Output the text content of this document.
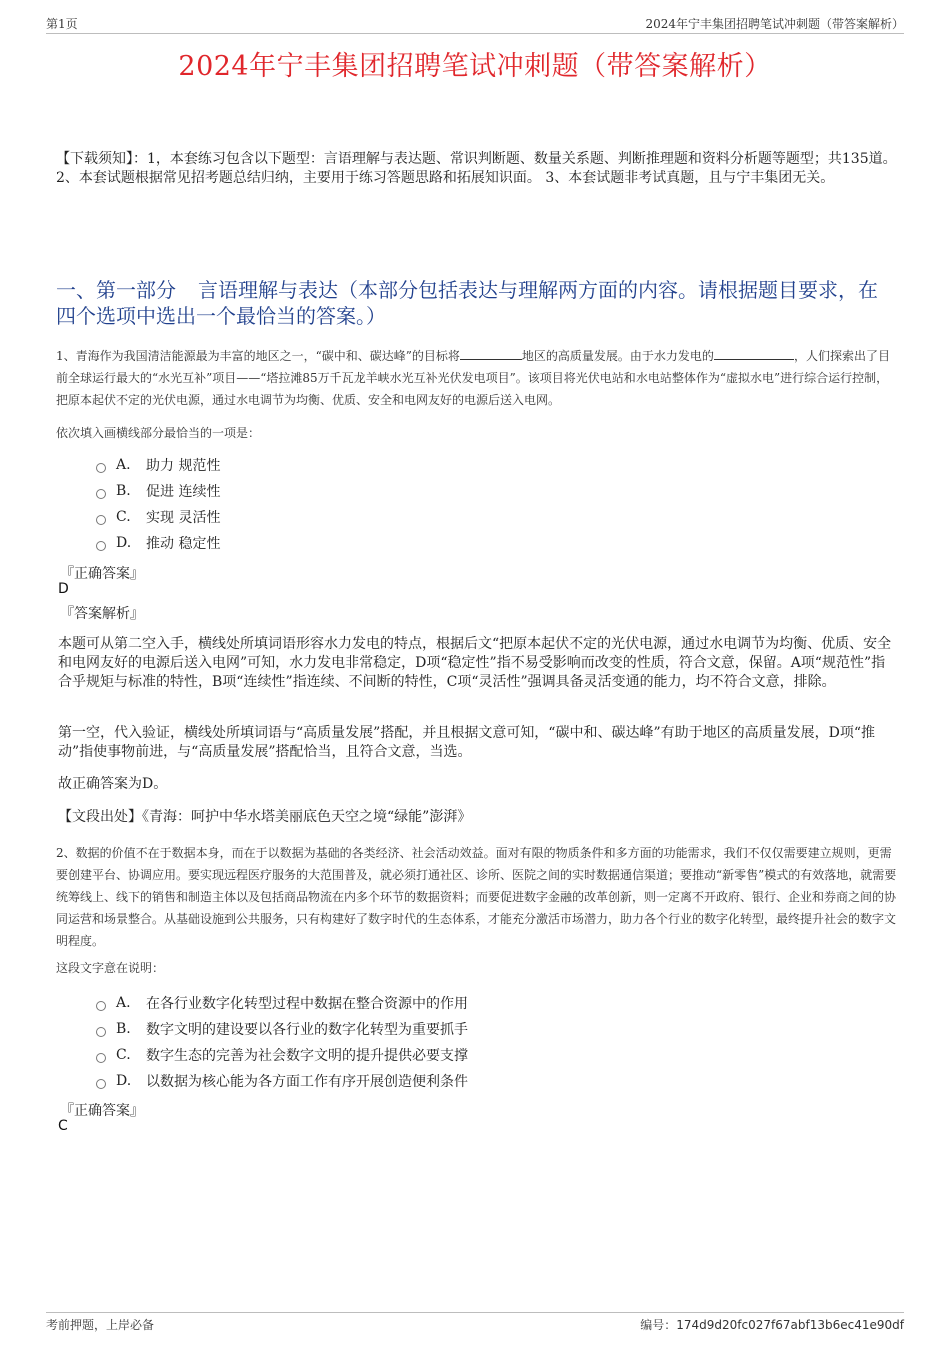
第1页	2024年宁丰集团招聘笔试冲刺题（带答案解析）
2024年宁丰集团招聘笔试冲刺题（带答案解析）
【下载须知】：1，本套练习包含以下题型：言语理解与表达题、常识判断题、数量关系题、判断推理题和资料分析题等题型；共135道。 2、本套试题根据常见招考题总结归纳，主要用于练习答题思路和拓展知识面。 3、本套试题非考试真题，且与宁丰集团无关。
一、第一部分 言语理解与表达（本部分包括表达与理解两方面的内容。请根据题目要求，在四个选项中选出一个最恰当的答案。）
1、青海作为我国清洁能源最为丰富的地区之一，“碳中和、碳达峰”的目标将	地区的高质量发展。由于水力发电的	，人们探索出了目前全球运行最大的“水光互补”项目——“塔拉滩85万千瓦龙羊峡水光互补光伏发电项目”。该项目将光伏电站和水电站整体作为“虚拟水电”进行综合运行控制，把原本起伏不定的光伏电源，通过水电调节为均衡、优质、安全和电网友好的电源后送入电网。
依次填入画横线部分最恰当的一项是：
A.	助力 规范性
B.	促进 连续性
C.	实现 灵活性
D.	推动 稳定性
『正确答案』
D
『答案解析』
本题可从第二空入手，横线处所填词语形容水力发电的特点，根据后文“把原本起伏不定的光伏电源，通过水电调节为均衡、优质、安全和电网友好的电源后送入电网”可知，水力发电非常稳定，D项“稳定性”指不易受影响而改变的性质，符合文意，保留。A项“规范性”指合乎规矩与标准的特性，B项“连续性”指连续、不间断的特性，C项“灵活性”强调具备灵活变通的能力，均不符合文意，排除。
第一空，代入验证，横线处所填词语与“高质量发展”搭配，并且根据文意可知，“碳中和、碳达峰”有助于地区的高质量发展，D项“推动”指使事物前进，与“高质量发展”搭配恰当，且符合文意，当选。
故正确答案为D。
【文段出处】《青海：呵护中华水塔美丽底色天空之境“绿能”澎湃》
2、数据的价值不在于数据本身，而在于以数据为基础的各类经济、社会活动效益。面对有限的物质条件和多方面的功能需求，我们不仅仅需要建立规则，更需要创建平台、协调应用。要实现远程医疗服务的大范围普及，就必须打通社区、诊所、医院之间的实时数据通信渠道；要推动“新零售”模式的有效落地，就需要统筹线上、线下的销售和制造主体以及包括商品物流在内多个环节的数据资料；而要促进数字金融的改革创新，则一定离不开政府、银行、企业和券商之间的协同运营和场景整合。从基础设施到公共服务，只有构建好了数字时代的生态体系，才能充分激活市场潜力，助力各个行业的数字化转型，最终提升社会的数字文明程度。
这段文字意在说明：
A.	在各行业数字化转型过程中数据在整合资源中的作用
B.	数字文明的建设要以各行业的数字化转型为重要抓手
C.	数字生态的完善为社会数字文明的提升提供必要支撑
D.	以数据为核心能为各方面工作有序开展创造便利条件
『正确答案』
C
考前押题，上岸必备	编号：174d9d20fc027f67abf13b6ec41e90df
